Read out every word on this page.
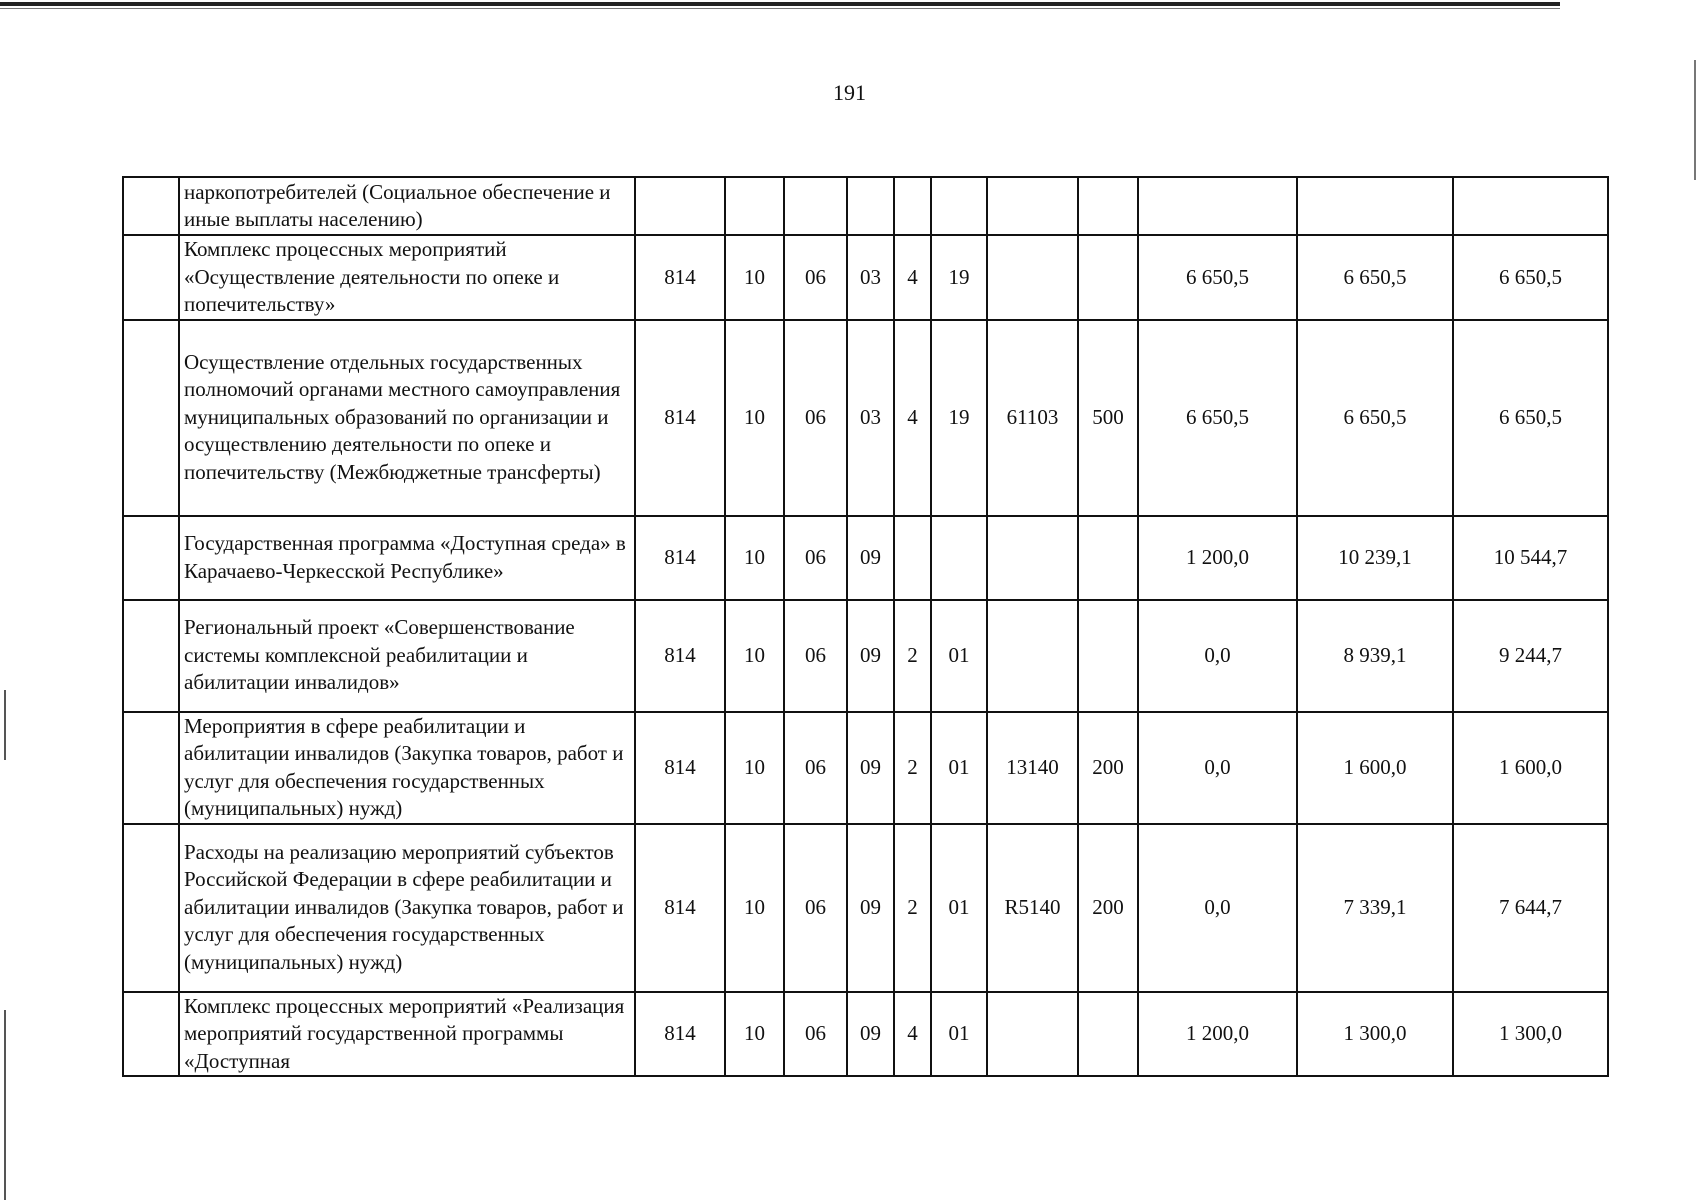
191
	наркопотребителей (Социальное обеспечение и иные выплаты населению)											
	Комплекс процессных мероприятий «Осуществление деятельности по опеке и попечительству»	814	10	06	03	4	19			6 650,5	6 650,5	6 650,5
	Осуществление отдельных государственных полномочий органами местного самоуправления муниципальных образований по организации и осуществлению деятельности по опеке и попечительству (Межбюджетные трансферты)	814	10	06	03	4	19	61103	500	6 650,5	6 650,5	6 650,5
	Государственная программа «Доступная среда» в Карачаево-Черкесской Республике»	814	10	06	09					1 200,0	10 239,1	10 544,7
	Региональный проект «Совершенствование системы комплексной реабилитации и абилитации инвалидов»	814	10	06	09	2	01			0,0	8 939,1	9 244,7
	Мероприятия в сфере реабилитации и абилитации инвалидов (Закупка товаров, работ и услуг для обеспечения государственных (муниципальных) нужд)	814	10	06	09	2	01	13140	200	0,0	1 600,0	1 600,0
	Расходы на реализацию мероприятий субъектов Российской Федерации в сфере реабилитации и абилитации инвалидов (Закупка товаров, работ и услуг для обеспечения государственных (муниципальных) нужд)	814	10	06	09	2	01	R5140	200	0,0	7 339,1	7 644,7
	Комплекс процессных мероприятий «Реализация мероприятий государственной программы «Доступная	814	10	06	09	4	01			1 200,0	1 300,0	1 300,0
